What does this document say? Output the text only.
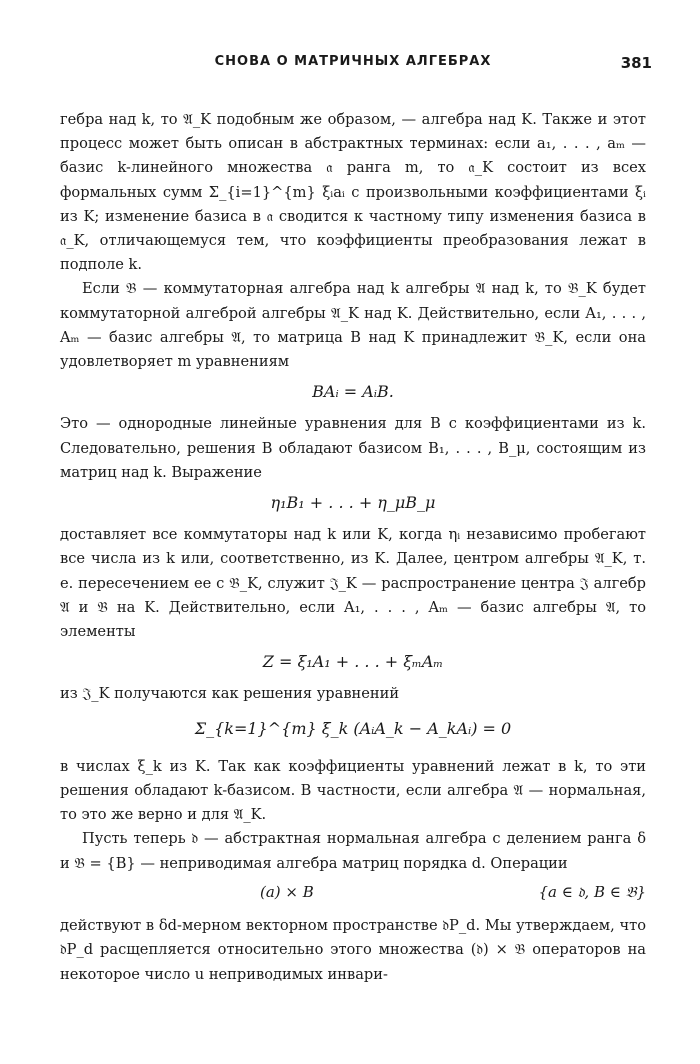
СНОВА О МАТРИЧНЫХ АЛГЕБРАХ	381

гебра над k, то 𝔄_K подобным же образом, — алгебра над K. Также и этот процесс может быть описан в абстрактных терминах: если a₁, . . . , aₘ — базис k-линейного множества 𝔞 ранга m, то 𝔞_K состоит из всех формальных сумм Σ_{i=1}^{m} ξᵢaᵢ с произвольными коэффициентами ξᵢ из K; изменение базиса в 𝔞 сводится к частному типу изменения базиса в 𝔞_K, отличающемуся тем, что коэффициенты преобразования лежат в подполе k.

Если 𝔅 — коммутаторная алгебра над k алгебры 𝔄 над k, то 𝔅_K будет коммутаторной алгеброй алгебры 𝔄_K над K. Действительно, если A₁, . . . , Aₘ — базис алгебры 𝔄, то матрица B над K принадлежит 𝔅_K, если она удовлетворяет m уравнениям

BAᵢ = AᵢB.

Это — однородные линейные уравнения для B с коэффициентами из k. Следовательно, решения B обладают базисом B₁, . . . , B_μ, состоящим из матриц над k. Выражение

η₁B₁ + . . . + η_μB_μ

доставляет все коммутаторы над k или K, когда ηᵢ независимо пробегают все числа из k или, соответственно, из K. Далее, центром алгебры 𝔄_K, т. е. пересечением ее с 𝔅_K, служит 𝔍_K — распространение центра 𝔍 алгебр 𝔄 и 𝔅 на K. Действительно, если A₁, . . . , Aₘ — базис алгебры 𝔄, то элементы

Z = ξ₁A₁ + . . . + ξₘAₘ

из 𝔍_K получаются как решения уравнений

Σ_{k=1}^{m} ξ_k (AᵢA_k − A_kAᵢ) = 0

в числах ξ_k из K. Так как коэффициенты уравнений лежат в k, то эти решения обладают k-базисом. В частности, если алгебра 𝔄 — нормальная, то это же верно и для 𝔄_K.

Пусть теперь 𝔡 — абстрактная нормальная алгебра с делением ранга δ и 𝔅 = {B} — неприводимая алгебра матриц порядка d. Операции

(a) × B	{a ∈ 𝔡, B ∈ 𝔅}

действуют в δd-мерном векторном пространстве 𝔡P_d. Мы утверждаем, что 𝔡P_d расщепляется относительно этого множества (𝔡) × 𝔅 операторов на некоторое число u неприводимых инвари-
